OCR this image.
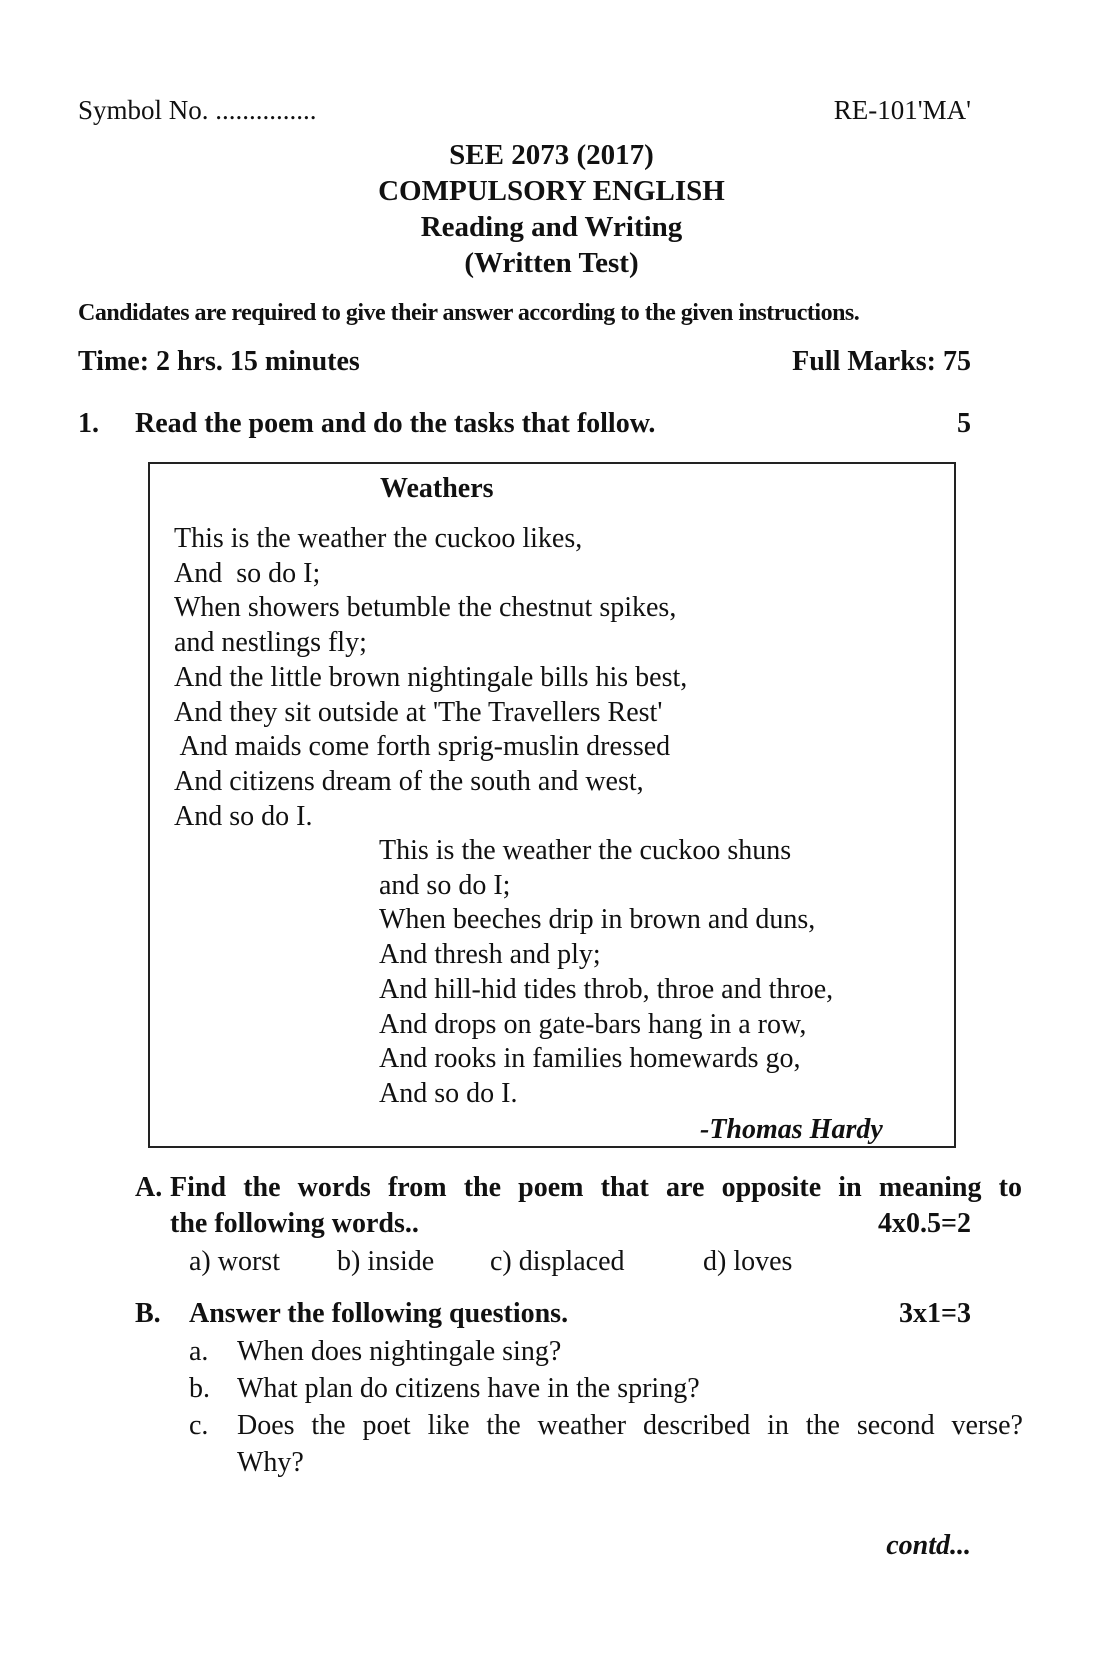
Symbol No. ...............	RE-101'MA'
SEE 2073 (2017)
COMPULSORY ENGLISH
Reading and Writing
(Written Test)
Candidates are required to give their answer according to the given instructions.
Time: 2 hrs. 15 minutes	Full Marks: 75
1. Read the poem and do the tasks that follow.	5
Weathers
This is the weather the cuckoo likes,
And  so do I;
When showers betumble the chestnut spikes,
and nestlings fly;
And the little brown nightingale bills his best,
And they sit outside at 'The Travellers Rest'
And maids come forth sprig-muslin dressed
And citizens dream of the south and west,
And so do I.
This is the weather the cuckoo shuns
and so do I;
When beeches drip in brown and duns,
And thresh and ply;
And hill-hid tides throb, throe and throe,
And drops on gate-bars hang in a row,
And rooks in families homewards go,
And so do I.
-Thomas Hardy
A. Find the words from the poem that are opposite in meaning to
the following words..	4x0.5=2
a) worst b) inside c) displaced	d) loves
B. Answer the following questions.	3x1=3
a. When does nightingale sing?
b. What plan do citizens have in the spring?
c. Does the poet like the weather described in the second verse?
Why?
contd...
